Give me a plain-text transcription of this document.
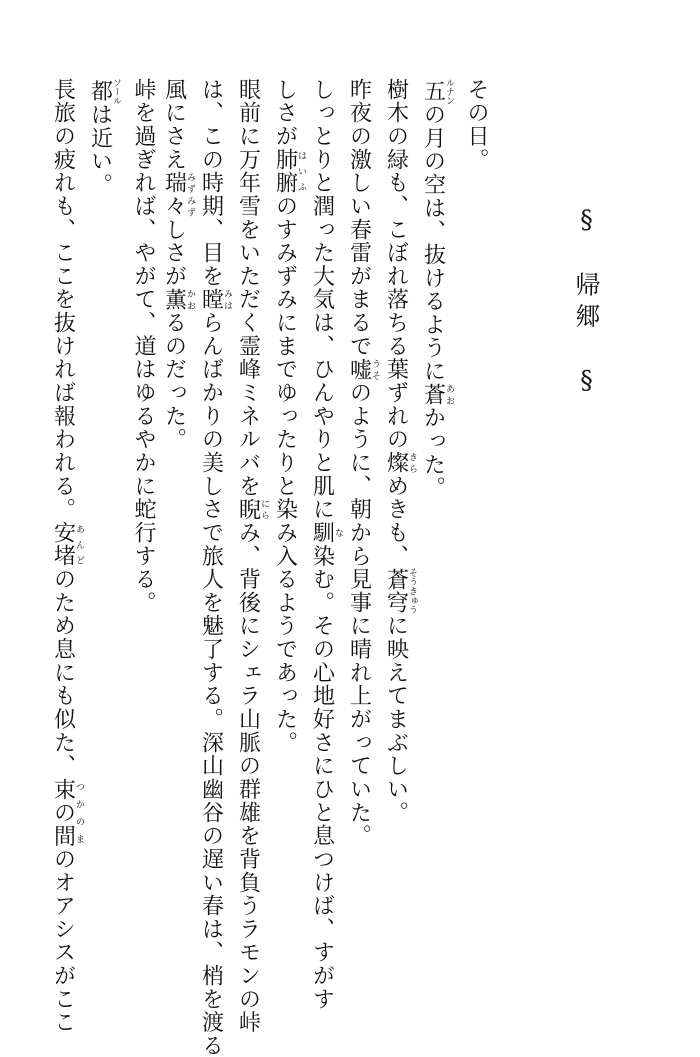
§　帰郷　§
その日。
五ルナンの月の空は、抜けるように蒼あおかった。
樹木の緑も、こぼれ落ちる葉ずれの燦きらめきも、蒼穹そうきゅうに映えてまぶしい。
昨夜の激しい春雷がまるで嘘うそのように、朝から見事に晴れ上がっていた。
しっとりと潤った大気は、ひんやりと肌に馴な染む。その心地好さにひと息つけば、すがす
しさが肺腑はいふのすみずみにまでゆったりと染み入るようであった。
眼前に万年雪をいただく霊峰ミネルバを睨にらみ、背後にシェラ山脈の群雄を背負うラモンの峠
は、この時期、目を瞠みはらんばかりの美しさで旅人を魅了する。深山幽谷の遅い春は、梢を渡る
風にさえ瑞々みずみずしさが薫かおるのだった。
峠を過ぎれば、やがて、道はゆるやかに蛇行する。
都ソールは近い。
長旅の疲れも、ここを抜ければ報われる。安堵あんどのため息にも似た、束の間つかのまのオアシスがここ
